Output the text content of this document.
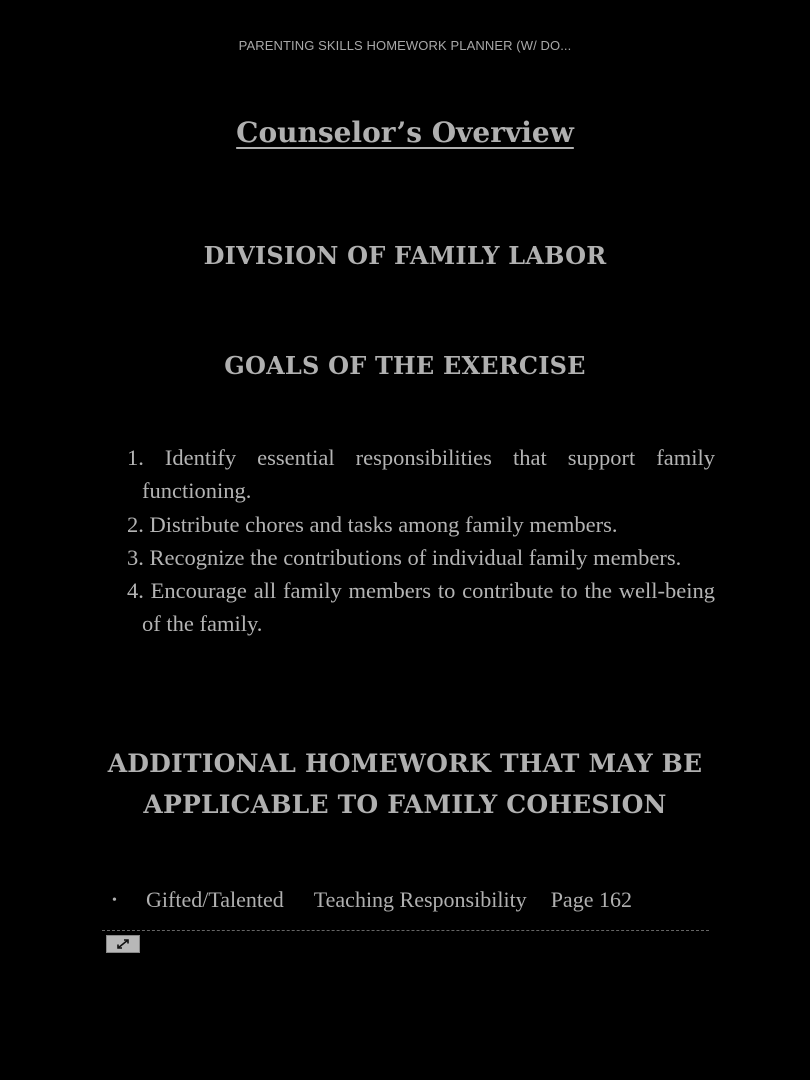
PARENTING SKILLS HOMEWORK PLANNER (W/ DO...
Counselor’s Overview
DIVISION OF FAMILY LABOR
GOALS OF THE EXERCISE
1. Identify essential responsibilities that support family functioning.
2. Distribute chores and tasks among family members.
3. Recognize the contributions of individual family members.
4. Encourage all family members to contribute to the well-being of the family.
ADDITIONAL HOMEWORK THAT MAY BE
APPLICABLE TO FAMILY COHESION
• Gifted/Talented Teaching Responsibility Page 162
